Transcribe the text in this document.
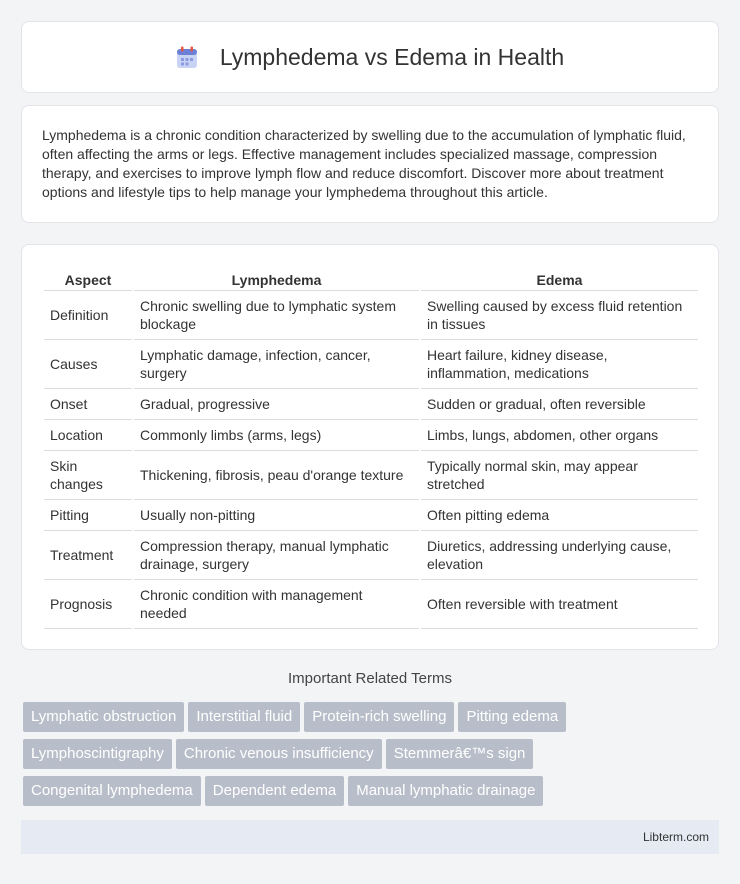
Lymphedema vs Edema in Health

Lymphedema is a chronic condition characterized by swelling due to the accumulation of lymphatic fluid, often affecting the arms or legs. Effective management includes specialized massage, compression therapy, and exercises to improve lymph flow and reduce discomfort. Discover more about treatment options and lifestyle tips to help manage your lymphedema throughout this article.

Aspect	Lymphedema	Edema
Definition	Chronic swelling due to lymphatic system blockage	Swelling caused by excess fluid retention in tissues
Causes	Lymphatic damage, infection, cancer, surgery	Heart failure, kidney disease, inflammation, medications
Onset	Gradual, progressive	Sudden or gradual, often reversible
Location	Commonly limbs (arms, legs)	Limbs, lungs, abdomen, other organs
Skin changes	Thickening, fibrosis, peau d'orange texture	Typically normal skin, may appear stretched
Pitting	Usually non-pitting	Often pitting edema
Treatment	Compression therapy, manual lymphatic drainage, surgery	Diuretics, addressing underlying cause, elevation
Prognosis	Chronic condition with management needed	Often reversible with treatment
Important Related Terms
Lymphatic obstruction Interstitial fluid Protein-rich swelling Pitting edema
Lymphoscintigraphy Chronic venous insufficiency Stemmerâ€™s sign
Congenital lymphedema Dependent edema Manual lymphatic drainage
Libterm.com
